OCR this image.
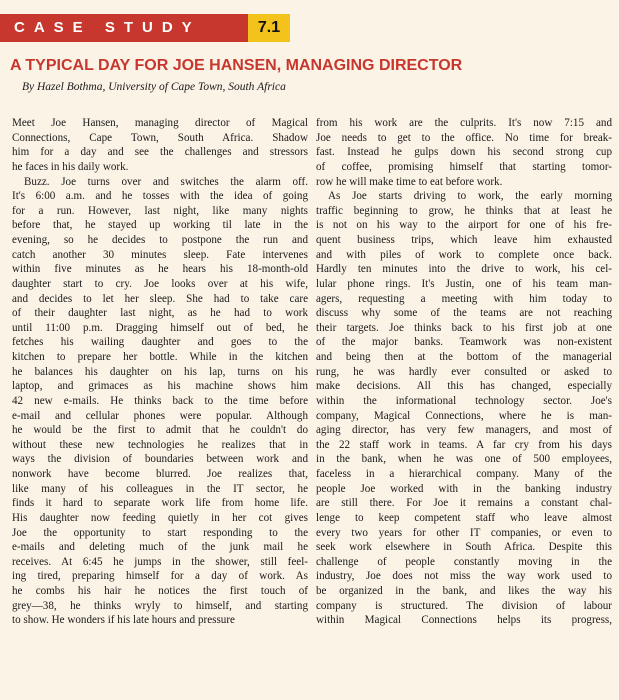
CASE STUDY	7.1
A TYPICAL DAY FOR JOE HANSEN, MANAGING DIRECTOR

By Hazel Bothma, University of Cape Town, South Africa

Meet Joe Hansen, managing director of Magical
Connections, Cape Town, South Africa. Shadow
him for a day and see the challenges and stressors
he faces in his daily work.
Buzz. Joe turns over and switches the alarm off.
It's 6:00 a.m. and he tosses with the idea of going
for a run. However, last night, like many nights
before that, he stayed up working til late in the
evening, so he decides to postpone the run and
catch another 30 minutes sleep. Fate intervenes
within five minutes as he hears his 18-month-old
daughter start to cry. Joe looks over at his wife,
and decides to let her sleep. She had to take care
of their daughter last night, as he had to work
until 11:00 p.m. Dragging himself out of bed, he
fetches his wailing daughter and goes to the
kitchen to prepare her bottle. While in the kitchen
he balances his daughter on his lap, turns on his
laptop, and grimaces as his machine shows him
42 new e-mails. He thinks back to the time before
e-mail and cellular phones were popular. Although
he would be the first to admit that he couldn't do
without these new technologies he realizes that in
ways the division of boundaries between work and
nonwork have become blurred. Joe realizes that,
like many of his colleagues in the IT sector, he
finds it hard to separate work life from home life.
His daughter now feeding quietly in her cot gives
Joe the opportunity to start responding to the
e-mails and deleting much of the junk mail he
receives. At 6:45 he jumps in the shower, still feel-
ing tired, preparing himself for a day of work. As
he combs his hair he notices the first touch of
grey—38, he thinks wryly to himself, and starting
to show. He wonders if his late hours and pressure
from his work are the culprits. It's now 7:15 and
Joe needs to get to the office. No time for break-
fast. Instead he gulps down his second strong cup
of coffee, promising himself that starting tomor-
row he will make time to eat before work.
As Joe starts driving to work, the early morning
traffic beginning to grow, he thinks that at least he
is not on his way to the airport for one of his fre-
quent business trips, which leave him exhausted
and with piles of work to complete once back.
Hardly ten minutes into the drive to work, his cel-
lular phone rings. It's Justin, one of his team man-
agers, requesting a meeting with him today to
discuss why some of the teams are not reaching
their targets. Joe thinks back to his first job at one
of the major banks. Teamwork was non-existent
and being then at the bottom of the managerial
rung, he was hardly ever consulted or asked to
make decisions. All this has changed, especially
within the informational technology sector. Joe's
company, Magical Connections, where he is man-
aging director, has very few managers, and most of
the 22 staff work in teams. A far cry from his days
in the bank, when he was one of 500 employees,
faceless in a hierarchical company. Many of the
people Joe worked with in the banking industry
are still there. For Joe it remains a constant chal-
lenge to keep competent staff who leave almost
every two years for other IT companies, or even to
seek work elsewhere in South Africa. Despite this
challenge of people constantly moving in the
industry, Joe does not miss the way work used to
be organized in the bank, and likes the way his
company is structured. The division of labour
within Magical Connections helps its progress,
